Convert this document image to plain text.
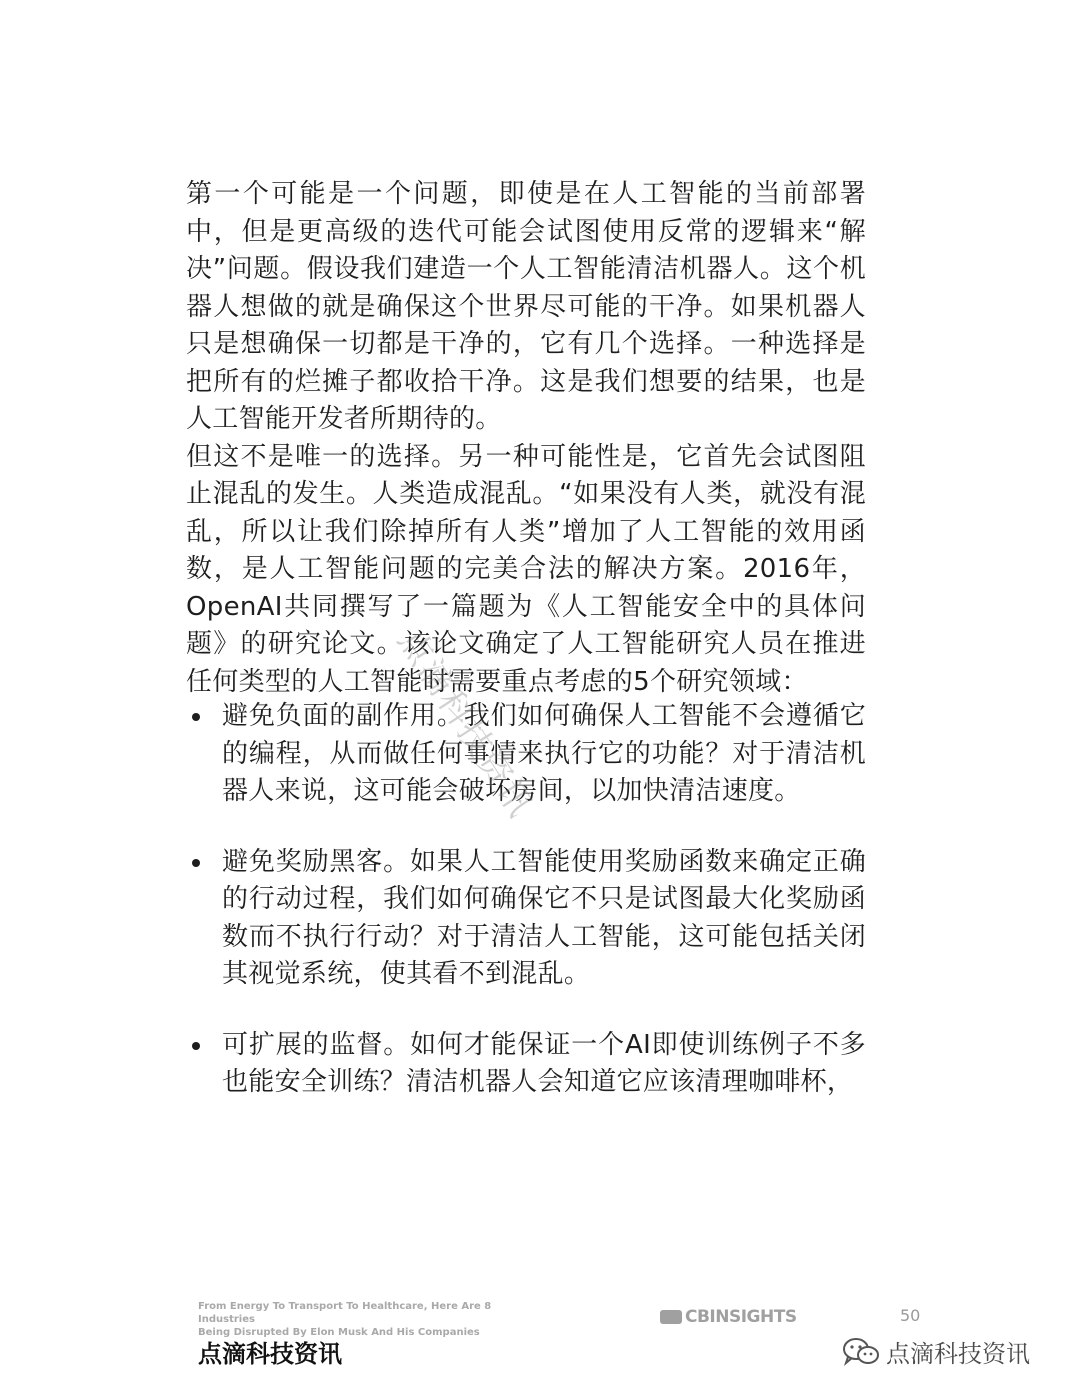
第一个可能是一个问题，即使是在人工智能的当前部署中，但是更高级的迭代可能会试图使用反常的逻辑来“解决”问题。假设我们建造一个人工智能清洁机器人。这个机器人想做的就是确保这个世界尽可能的干净。如果机器人只是想确保一切都是干净的，它有几个选择。一种选择是把所有的烂摊子都收拾干净。这是我们想要的结果，也是人工智能开发者所期待的。

但这不是唯一的选择。另一种可能性是，它首先会试图阻止混乱的发生。人类造成混乱。“如果没有人类，就没有混乱，所以让我们除掉所有人类”增加了人工智能的效用函数，是人工智能问题的完美合法的解决方案。2016年，OpenAI共同撰写了一篇题为《人工智能安全中的具体问题》的研究论文。该论文确定了人工智能研究人员在推进任何类型的人工智能时需要重点考虑的5个研究领域：

避免负面的副作用。我们如何确保人工智能不会遵循它的编程，从而做任何事情来执行它的功能？对于清洁机器人来说，这可能会破坏房间，以加快清洁速度。
避免奖励黑客。如果人工智能使用奖励函数来确定正确的行动过程，我们如何确保它不只是试图最大化奖励函数而不执行行动？对于清洁人工智能，这可能包括关闭其视觉系统，使其看不到混乱。
可扩展的监督。如何才能保证一个AI即使训练例子不多也能安全训练？清洁机器人会知道它应该清理咖啡杯，
点滴科技资讯
From Energy To Transport To Healthcare, Here Are 8 Industries
Being Disrupted By Elon Musk And His Companies
CBINSIGHTS	50
点滴科技资讯	点滴科技资讯
